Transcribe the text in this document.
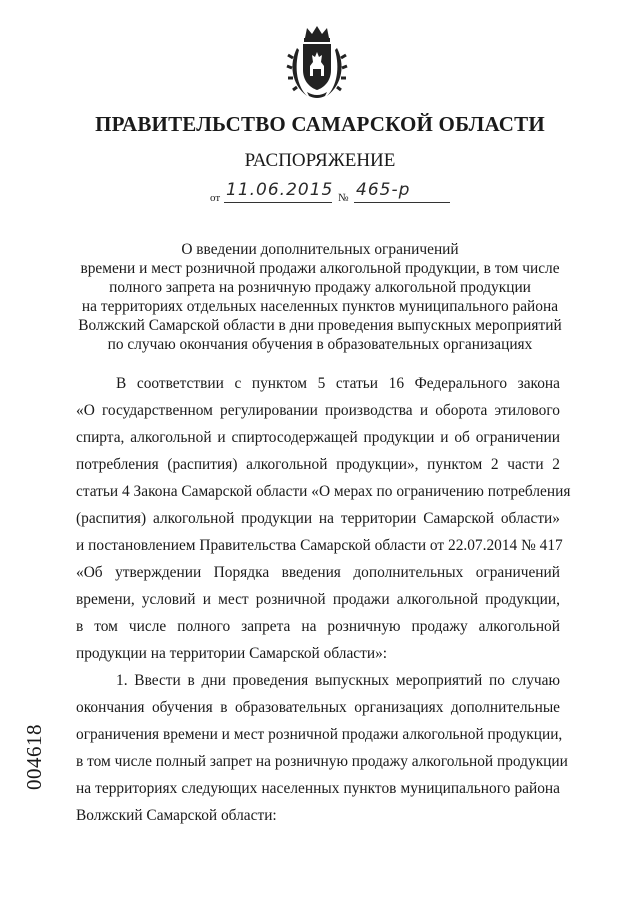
ПРАВИТЕЛЬСТВО САМАРСКОЙ ОБЛАСТИ
РАСПОРЯЖЕНИЕ
от 11.06.2015 № 465-р
О введении дополнительных ограничений
времени и мест розничной продажи алкогольной продукции, в том числе
полного запрета на розничную продажу алкогольной продукции
на территориях отдельных населенных пунктов муниципального района
Волжский Самарской области в дни проведения выпускных мероприятий
по случаю окончания обучения в образовательных организациях
В соответствии с пунктом 5 статьи 16 Федерального закона
«О государственном регулировании производства и оборота этилового
спирта, алкогольной и спиртосодержащей продукции и об ограничении
потребления (распития) алкогольной продукции», пунктом 2 части 2
статьи 4 Закона Самарской области «О мерах по ограничению потребления
(распития) алкогольной продукции на территории Самарской области»
и постановлением Правительства Самарской области от 22.07.2014 № 417
«Об утверждении Порядка введения дополнительных ограничений
времени, условий и мест розничной продажи алкогольной продукции,
в том числе полного запрета на розничную продажу алкогольной
продукции на территории Самарской области»:
1. Ввести в дни проведения выпускных мероприятий по случаю
окончания обучения в образовательных организациях дополнительные
ограничения времени и мест розничной продажи алкогольной продукции,
в том числе полный запрет на розничную продажу алкогольной продукции
на территориях следующих населенных пунктов муниципального района
Волжский Самарской области:
004618
